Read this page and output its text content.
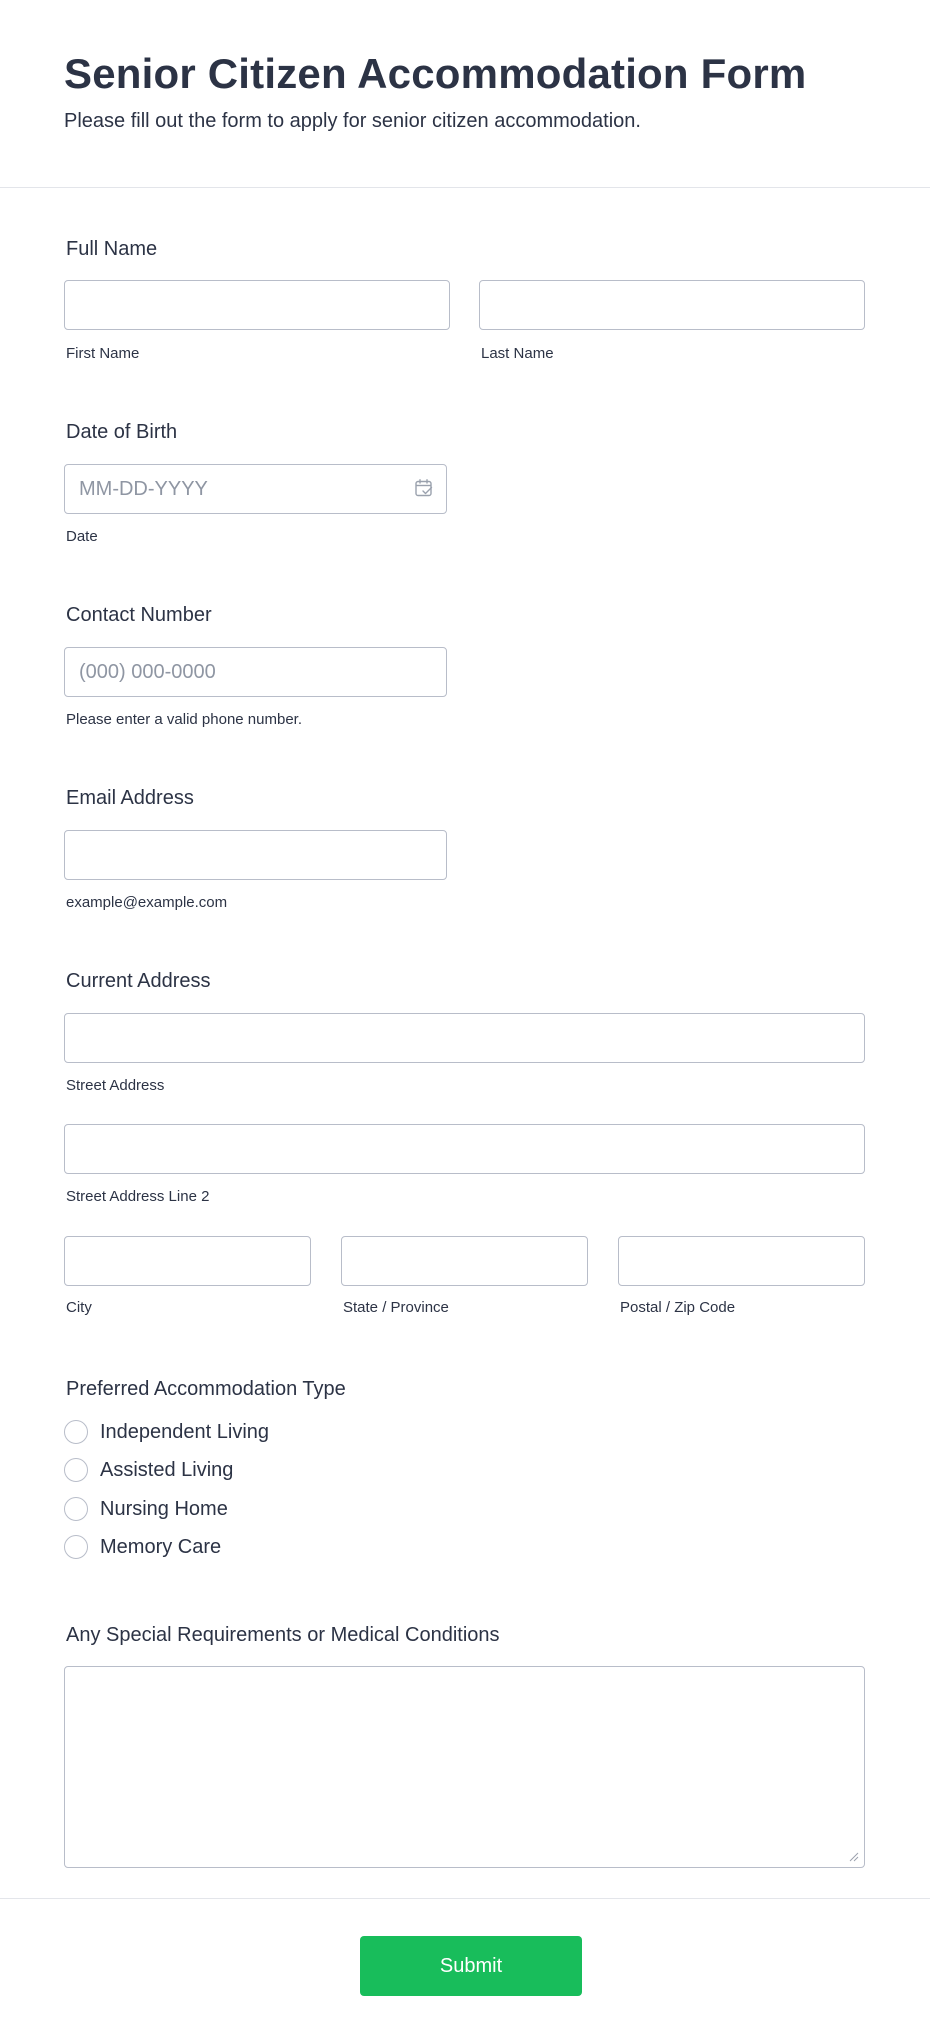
Senior Citizen Accommodation Form

Please fill out the form to apply for senior citizen accommodation.

Full Name

First Name	Last Name

Date of Birth

MM-DD-YYYY

Date

Contact Number

(000) 000-0000

Please enter a valid phone number.

Email Address

example@example.com

Current Address

Street Address

Street Address Line 2

City	State / Province	Postal / Zip Code

Preferred Accommodation Type

Independent Living
Assisted Living
Nursing Home
Memory Care

Any Special Requirements or Medical Conditions

Submit
